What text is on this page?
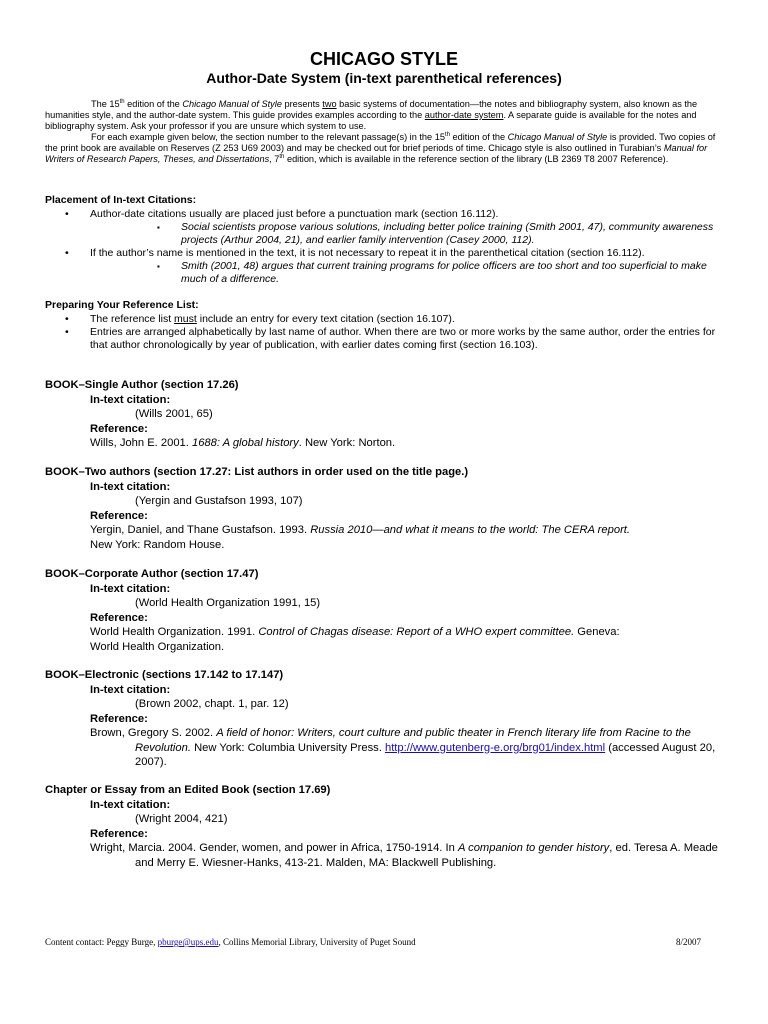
CHICAGO STYLE
Author-Date System (in-text parenthetical references)

The 15th edition of the Chicago Manual of Style presents two basic systems of documentation—the notes and bibliography system, also known as the humanities style, and the author-date system. This guide provides examples according to the author-date system. A separate guide is available for the notes and bibliography system. Ask your professor if you are unsure which system to use.

For each example given below, the section number to the relevant passage(s) in the 15th edition of the Chicago Manual of Style is provided. Two copies of the print book are available on Reserves (Z 253 U69 2003) and may be checked out for brief periods of time. Chicago style is also outlined in Turabian’s Manual for Writers of Research Papers, Theses, and Dissertations, 7th edition, which is available in the reference section of the library (LB 2369 T8 2007 Reference).

Placement of In-text Citations:
• Author-date citations usually are placed just before a punctuation mark (section 16.112).
▪ Social scientists propose various solutions, including better police training (Smith 2001, 47), community awareness projects (Arthur 2004, 21), and earlier family intervention (Casey 2000, 112).
• If the author’s name is mentioned in the text, it is not necessary to repeat it in the parenthetical citation (section 16.112).
▪ Smith (2001, 48) argues that current training programs for police officers are too short and too superficial to make much of a difference.
Preparing Your Reference List:
• The reference list must include an entry for every text citation (section 16.107).
• Entries are arranged alphabetically by last name of author. When there are two or more works by the same author, order the entries for that author chronologically by year of publication, with earlier dates coming first (section 16.103).
BOOK–Single Author (section 17.26)
In-text citation:
(Wills 2001, 65)
Reference:
Wills, John E. 2001. 1688: A global history. New York: Norton.
BOOK–Two authors (section 17.27: List authors in order used on the title page.)
In-text citation:
(Yergin and Gustafson 1993, 107)
Reference:
Yergin, Daniel, and Thane Gustafson. 1993. Russia 2010—and what it means to the world: The CERA report.
New York: Random House.
BOOK–Corporate Author (section 17.47)
In-text citation:
(World Health Organization 1991, 15)
Reference:
World Health Organization. 1991. Control of Chagas disease: Report of a WHO expert committee. Geneva:
World Health Organization.
BOOK–Electronic (sections 17.142 to 17.147)
In-text citation:
(Brown 2002, chapt. 1, par. 12)
Reference:
Brown, Gregory S. 2002. A field of honor: Writers, court culture and public theater in French literary life from Racine to the Revolution. New York: Columbia University Press. http://www.gutenberg-e.org/brg01/index.html (accessed August 20, 2007).
Chapter or Essay from an Edited Book (section 17.69)
In-text citation:
(Wright 2004, 421)
Reference:
Wright, Marcia. 2004. Gender, women, and power in Africa, 1750-1914. In A companion to gender history, ed. Teresa A. Meade and Merry E. Wiesner-Hanks, 413-21. Malden, MA: Blackwell Publishing.
Content contact: Peggy Burge, pburge@ups.edu, Collins Memorial Library, University of Puget Sound	8/2007
